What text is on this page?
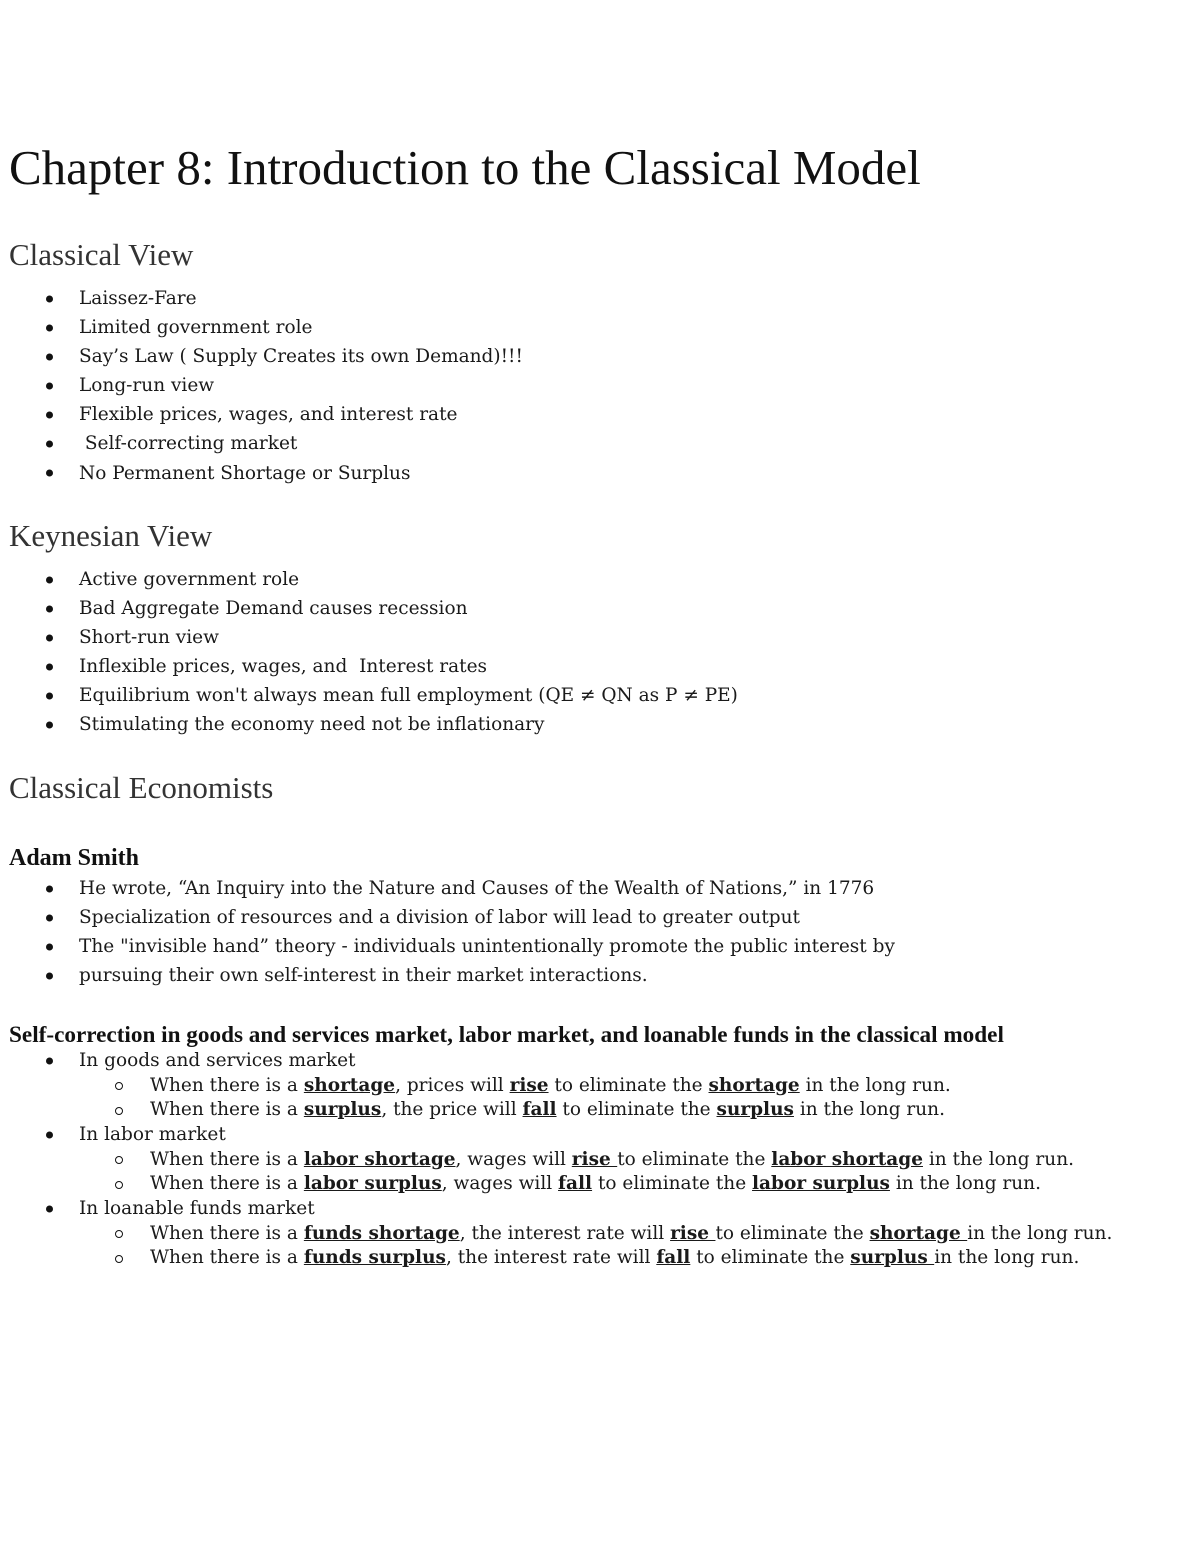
Chapter 8: Introduction to the Classical Model
Classical View
Laissez-Fare
Limited government role
Say’s Law ( Supply Creates its own Demand)!!!
Long-run view
Flexible prices, wages, and interest rate
Self-correcting market
No Permanent Shortage or Surplus
Keynesian View
Active government role
Bad Aggregate Demand causes recession
Short-run view
Inflexible prices, wages, and  Interest rates
Equilibrium won't always mean full employment (QE ≠ QN as P ≠ PE)
Stimulating the economy need not be inflationary
Classical Economists
Adam Smith
He wrote, “An Inquiry into the Nature and Causes of the Wealth of Nations,” in 1776
Specialization of resources and a division of labor will lead to greater output
The "invisible hand” theory - individuals unintentionally promote the public interest by
pursuing their own self-interest in their market interactions.
Self-correction in goods and services market, labor market, and loanable funds in the classical model
In goods and services market
When there is a shortage, prices will rise to eliminate the shortage in the long run.
When there is a surplus, the price will fall to eliminate the surplus in the long run.
In labor market
When there is a labor shortage, wages will rise to eliminate the labor shortage in the long run.
When there is a labor surplus, wages will fall to eliminate the labor surplus in the long run.
In loanable funds market
When there is a funds shortage, the interest rate will rise to eliminate the shortage in the long run.
When there is a funds surplus, the interest rate will fall to eliminate the surplus in the long run.
